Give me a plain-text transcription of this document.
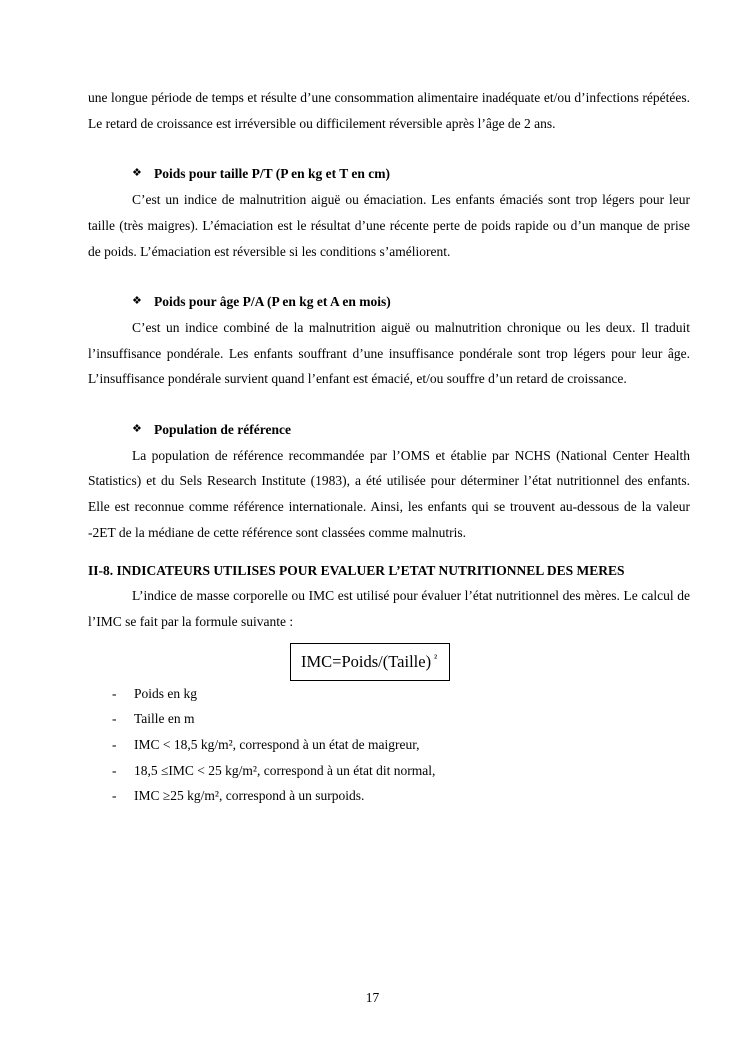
une longue période de temps et résulte d’une consommation alimentaire inadéquate et/ou d’infections répétées. Le retard de croissance est irréversible ou difficilement réversible après l’âge de 2 ans.

❖ Poids pour taille P/T (P en kg et T en cm)

C’est un indice de malnutrition aiguë ou émaciation. Les enfants émaciés sont trop légers pour leur taille (très maigres). L’émaciation est le résultat d’une récente perte de poids rapide ou d’un manque de prise de poids. L’émaciation est réversible si les conditions s’améliorent.

❖ Poids pour âge P/A (P en kg et A en mois)

C’est un indice combiné de la malnutrition aiguë ou malnutrition chronique ou les deux. Il traduit l’insuffisance pondérale. Les enfants souffrant d’une insuffisance pondérale sont trop légers pour leur âge. L’insuffisance pondérale survient quand l’enfant est émacié, et/ou souffre d’un retard de croissance.

❖ Population de référence

La population de référence recommandée par l’OMS et établie par NCHS (National Center Health Statistics) et du Sels Research Institute (1983), a été utilisée pour déterminer l’état nutritionnel des enfants. Elle est reconnue comme référence internationale. Ainsi, les enfants qui se trouvent au-dessous de la valeur -2ET de la médiane de cette référence sont classées comme malnutris.

II-8. INDICATEURS UTILISES POUR EVALUER L’ETAT NUTRITIONNEL DES MERES

L’indice de masse corporelle ou IMC est utilisé pour évaluer l’état nutritionnel des mères. Le calcul de l’IMC se fait par la formule suivante :

IMC=Poids/(Taille) $^{^2}$
-	Poids en kg
-	Taille en m
-	IMC < 18,5 kg/m², correspond à un état de maigreur,
-	18,5 ≤IMC < 25 kg/m², correspond à un état dit normal,
-	IMC ≥25 kg/m², correspond à un surpoids.
17
